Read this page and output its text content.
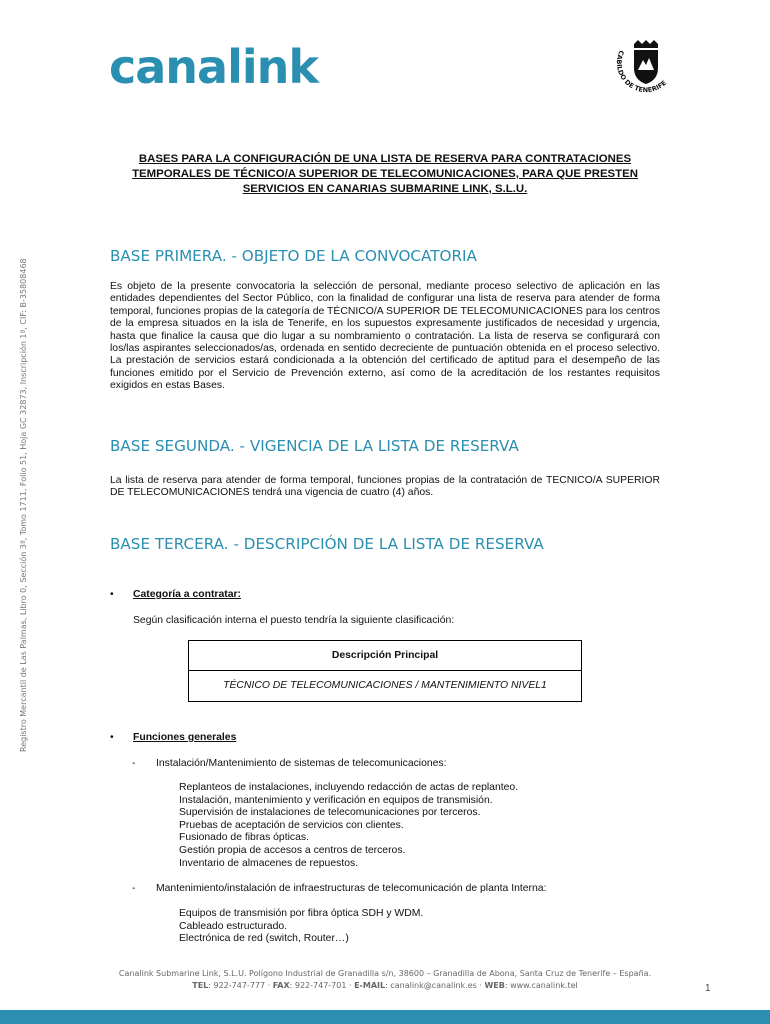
canalink	CABILDO DE TENERIFE
Registro Mercantil de Las Palmas, Libro 0, Sección 3ª, Tomo 1711, Folio 51, Hoja GC 32873, Inscripción 1ª, CIF: B-35808468
BASES PARA LA CONFIGURACIÓN DE UNA LISTA DE RESERVA PARA CONTRATACIONES TEMPORALES DE TÉCNICO/A SUPERIOR DE TELECOMUNICACIONES, PARA QUE PRESTEN SERVICIOS EN CANARIAS SUBMARINE LINK, S.L.U.
BASE PRIMERA. - OBJETO DE LA CONVOCATORIA
Es objeto de la presente convocatoria la selección de personal, mediante proceso selectivo de aplicación en las entidades dependientes del Sector Público, con la finalidad de configurar una lista de reserva para atender de forma temporal, funciones propias de la categoría de TÉCNICO/A SUPERIOR DE TELECOMUNICACIONES para los centros de la empresa situados en la isla de Tenerife, en los supuestos expresamente justificados de necesidad y urgencia, hasta que finalice la causa que dio lugar a su nombramiento o contratación. La lista de reserva se configurará con los/las aspirantes seleccionados/as, ordenada en sentido decreciente de puntuación obtenida en el proceso selectivo. La prestación de servicios estará condicionada a la obtención del certificado de aptitud para el desempeño de las funciones emitido por el Servicio de Prevención externo, así como de la acreditación de los restantes requisitos exigidos en estas Bases.
BASE SEGUNDA. - VIGENCIA DE LA LISTA DE RESERVA
La lista de reserva para atender de forma temporal, funciones propias de la contratación de TECNICO/A SUPERIOR DE TELECOMUNICACIONES tendrá una vigencia de cuatro (4) años.
BASE TERCERA. - DESCRIPCIÓN DE LA LISTA DE RESERVA
• Categoría a contratar:
Según clasificación interna el puesto tendría la siguiente clasificación:
Descripción Principal
TÉCNICO DE TELECOMUNICACIONES / MANTENIMIENTO NIVEL1
• Funciones generales
- Instalación/Mantenimiento de sistemas de telecomunicaciones:
Replanteos de instalaciones, incluyendo redacción de actas de replanteo.
Instalación, mantenimiento y verificación en equipos de transmisión.
Supervisión de instalaciones de telecomunicaciones por terceros.
Pruebas de aceptación de servicios con clientes.
Fusionado de fibras ópticas.
Gestión propia de accesos a centros de terceros.
Inventario de almacenes de repuestos.
- Mantenimiento/instalación de infraestructuras de telecomunicación de planta Interna:
Equipos de transmisión por fibra óptica SDH y WDM.
Cableado estructurado.
Electrónica de red (switch, Router…)
Canalink Submarine Link, S.L.U. Polígono Industrial de Granadilla s/n, 38600 – Granadilla de Abona, Santa Cruz de Tenerife – España.
TEL: 922-747-777 · FAX: 922-747-701 · E-MAIL: canalink@canalink.es · WEB: www.canalink.tel	1
